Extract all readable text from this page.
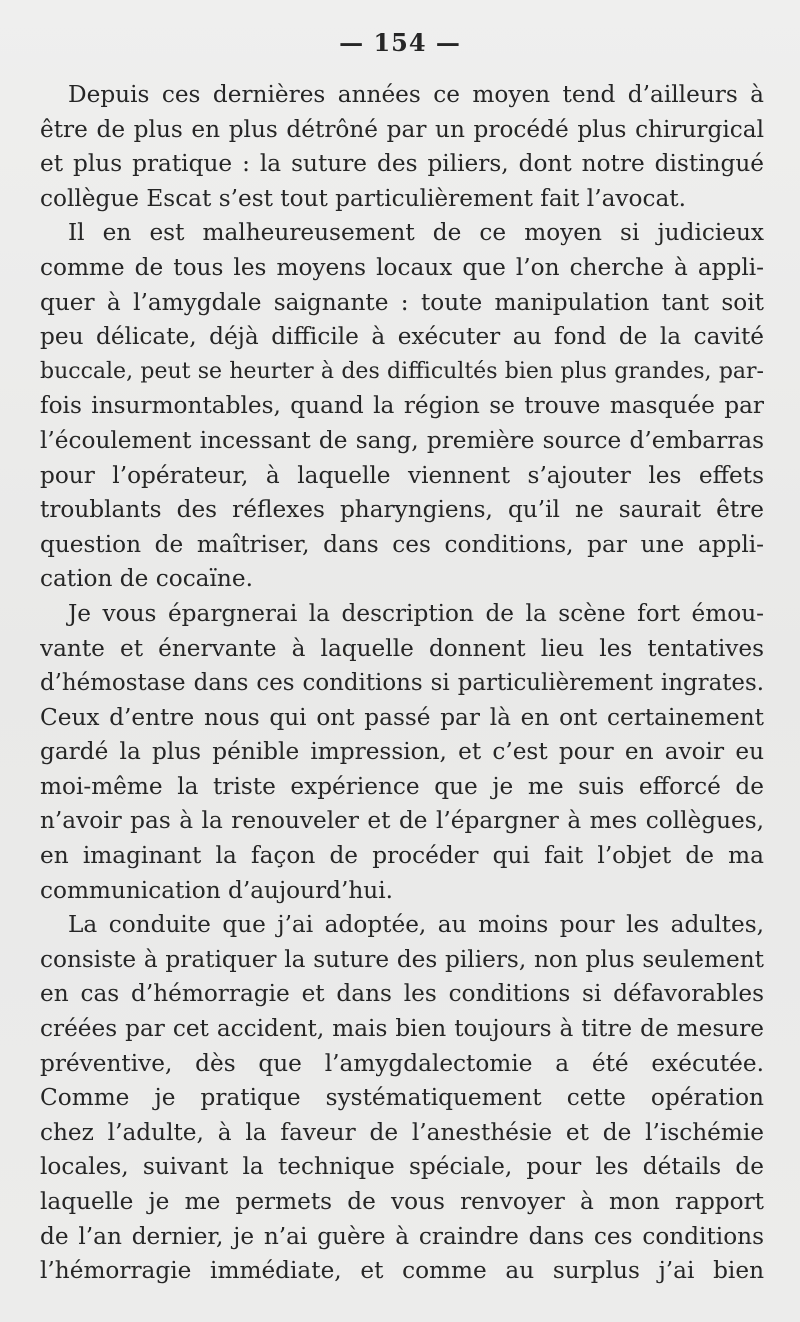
— 154 —
Depuis ces dernières années ce moyen tend d’ailleurs à
être de plus en plus détrôné par un procédé plus chirurgical
et plus pratique : la suture des piliers, dont notre distingué
collègue Escat s’est tout particulièrement fait l’avocat.
Il en est malheureusement de ce moyen si judicieux
comme de tous les moyens locaux que l’on cherche à appli-
quer à l’amygdale saignante : toute manipulation tant soit
peu délicate, déjà difficile à exécuter au fond de la cavité
buccale, peut se heurter à des difficultés bien plus grandes, par-
fois insurmontables, quand la région se trouve masquée par
l’écoulement incessant de sang, première source d’embarras
pour l’opérateur, à laquelle viennent s’ajouter les effets
troublants des réflexes pharyngiens, qu’il ne saurait être
question de maîtriser, dans ces conditions, par une appli-
cation de cocaïne.
Je vous épargnerai la description de la scène fort émou-
vante et énervante à laquelle donnent lieu les tentatives
d’hémostase dans ces conditions si particulièrement ingrates.
Ceux d’entre nous qui ont passé par là en ont certainement
gardé la plus pénible impression, et c’est pour en avoir eu
moi-même la triste expérience que je me suis efforcé de
n’avoir pas à la renouveler et de l’épargner à mes collègues,
en imaginant la façon de procéder qui fait l’objet de ma
communication d’aujourd’hui.
La conduite que j’ai adoptée, au moins pour les adultes,
consiste à pratiquer la suture des piliers, non plus seulement
en cas d’hémorragie et dans les conditions si défavorables
créées par cet accident, mais bien toujours à titre de mesure
préventive, dès que l’amygdalectomie a été exécutée.
Comme je pratique systématiquement cette opération
chez l’adulte, à la faveur de l’anesthésie et de l’ischémie
locales, suivant la technique spéciale, pour les détails de
laquelle je me permets de vous renvoyer à mon rapport
de l’an dernier, je n’ai guère à craindre dans ces conditions
l’hémorragie immédiate, et comme au surplus j’ai bien
